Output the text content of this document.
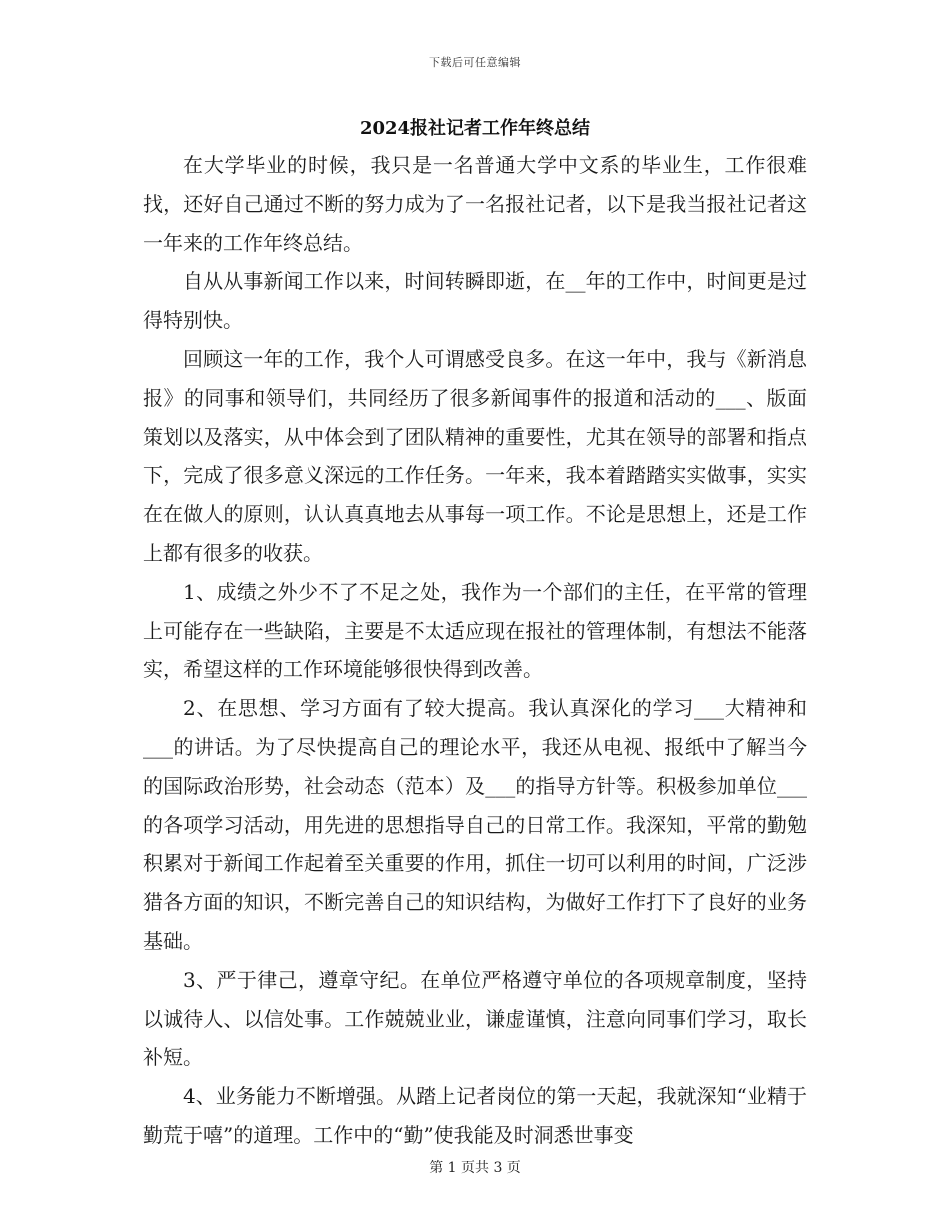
下载后可任意编辑
2024报社记者工作年终总结

在大学毕业的时候，我只是一名普通大学中文系的毕业生，工作很难找，还好自己通过不断的努力成为了一名报社记者，以下是我当报社记者这一年来的工作年终总结。

自从从事新闻工作以来，时间转瞬即逝，在__年的工作中，时间更是过得特别快。

回顾这一年的工作，我个人可谓感受良多。在这一年中，我与《新消息报》的同事和领导们，共同经历了很多新闻事件的报道和活动的___、版面策划以及落实，从中体会到了团队精神的重要性，尤其在领导的部署和指点下，完成了很多意义深远的工作任务。一年来，我本着踏踏实实做事，实实在在做人的原则，认认真真地去从事每一项工作。不论是思想上，还是工作上都有很多的收获。

1、成绩之外少不了不足之处，我作为一个部们的主任，在平常的管理上可能存在一些缺陷，主要是不太适应现在报社的管理体制，有想法不能落实，希望这样的工作环境能够很快得到改善。

2、在思想、学习方面有了较大提高。我认真深化的学习___大精神和___的讲话。为了尽快提高自己的理论水平，我还从电视、报纸中了解当今的国际政治形势，社会动态（范本）及___的指导方针等。积极参加单位___的各项学习活动，用先进的思想指导自己的日常工作。我深知，平常的勤勉积累对于新闻工作起着至关重要的作用，抓住一切可以利用的时间，广泛涉猎各方面的知识，不断完善自己的知识结构，为做好工作打下了良好的业务基础。

3、严于律己，遵章守纪。在单位严格遵守单位的各项规章制度，坚持以诚待人、以信处事。工作兢兢业业，谦虚谨慎，注意向同事们学习，取长补短。

4、业务能力不断增强。从踏上记者岗位的第一天起，我就深知“业精于勤荒于嘻”的道理。工作中的“勤”使我能及时洞悉世事变

第 1 页共 3 页
